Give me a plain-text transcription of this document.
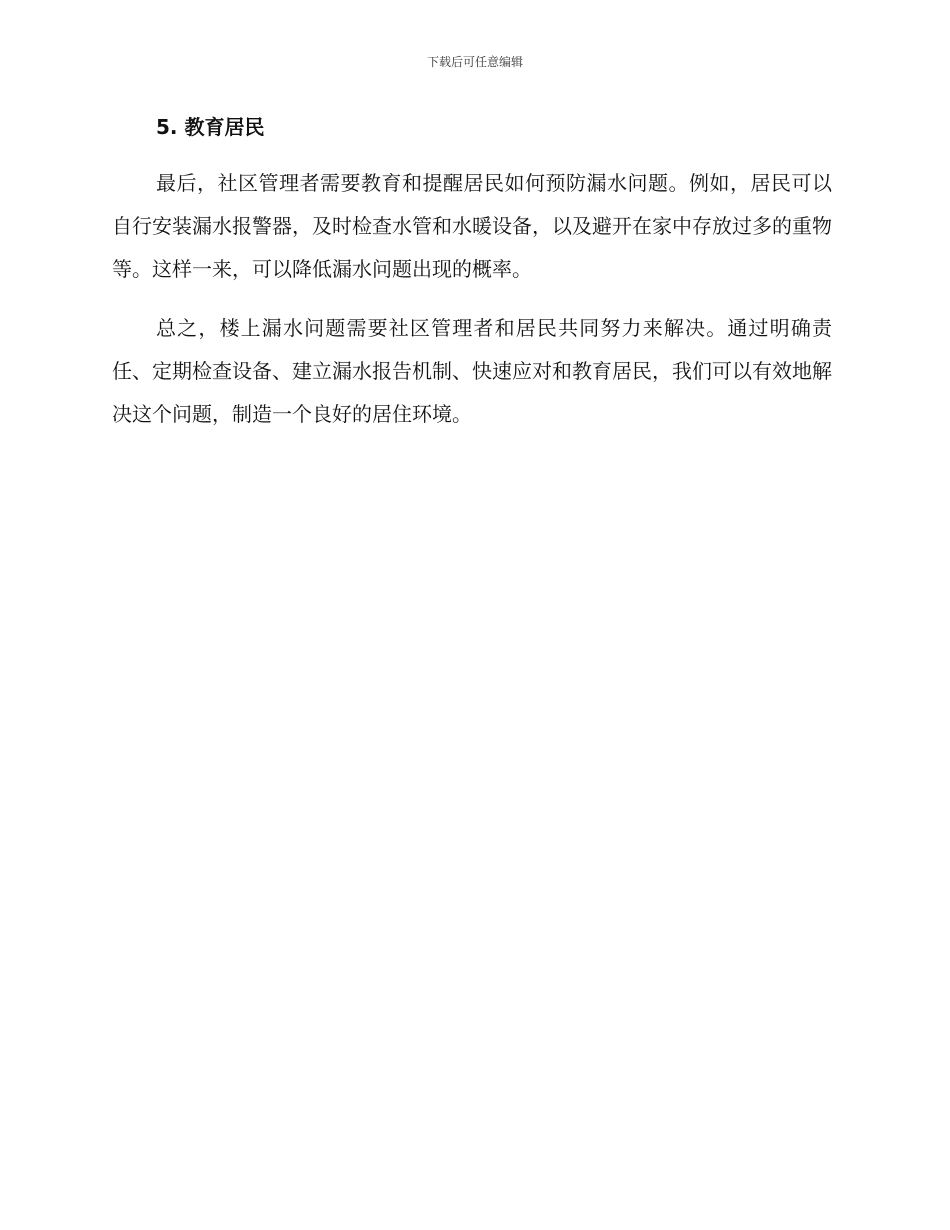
下载后可任意编辑
5. 教育居民

最后，社区管理者需要教育和提醒居民如何预防漏水问题。例如，居民可以自行安装漏水报警器，及时检查水管和水暖设备，以及避开在家中存放过多的重物等。这样一来，可以降低漏水问题出现的概率。

总之，楼上漏水问题需要社区管理者和居民共同努力来解决。通过明确责任、定期检查设备、建立漏水报告机制、快速应对和教育居民，我们可以有效地解决这个问题，制造一个良好的居住环境。
